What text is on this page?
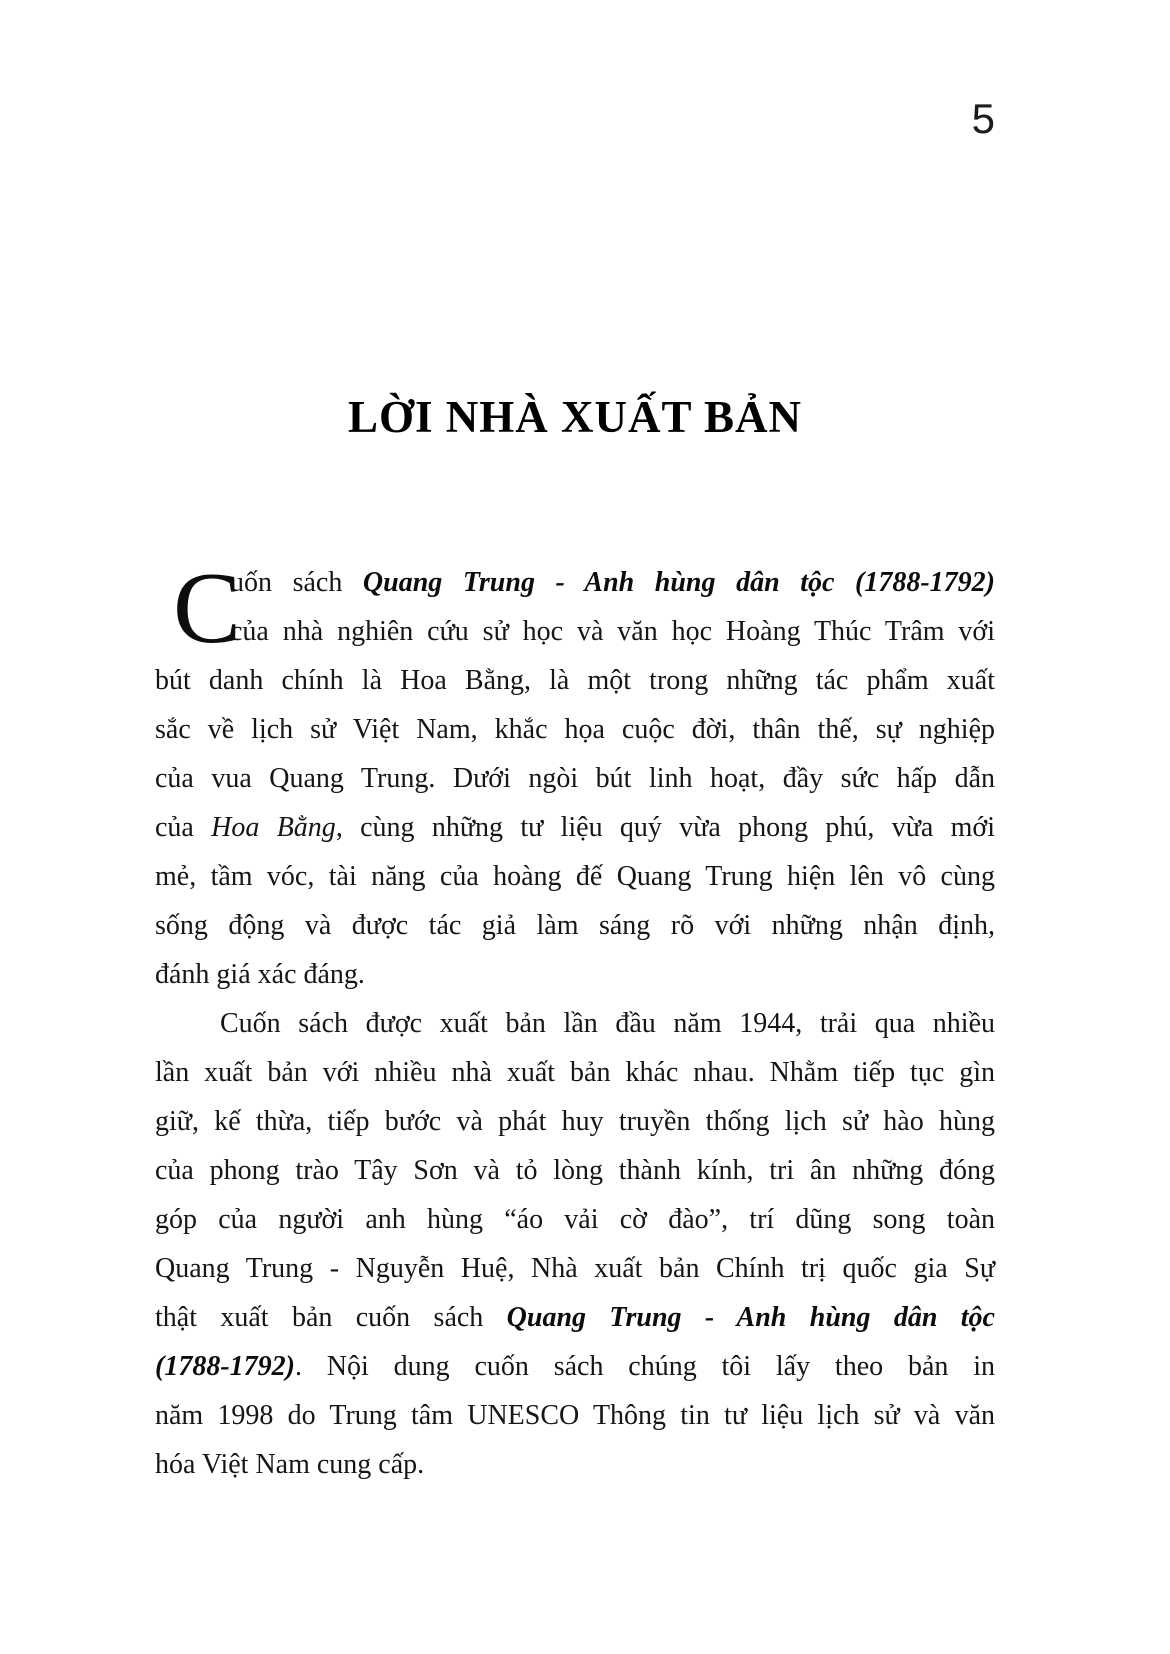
5
LỜI NHÀ XUẤT BẢN
C
uốn sách Quang Trung - Anh hùng dân tộc (1788-1792)
của nhà nghiên cứu sử học và văn học Hoàng Thúc Trâm với
bút danh chính là Hoa Bằng, là một trong những tác phẩm xuất
sắc về lịch sử Việt Nam, khắc họa cuộc đời, thân thế, sự nghiệp
của vua Quang Trung. Dưới ngòi bút linh hoạt, đầy sức hấp dẫn
của Hoa Bằng, cùng những tư liệu quý vừa phong phú, vừa mới
mẻ, tầm vóc, tài năng của hoàng đế Quang Trung hiện lên vô cùng
sống động và được tác giả làm sáng rõ với những nhận định,
đánh giá xác đáng.
Cuốn sách được xuất bản lần đầu năm 1944, trải qua nhiều
lần xuất bản với nhiều nhà xuất bản khác nhau. Nhằm tiếp tục gìn
giữ, kế thừa, tiếp bước và phát huy truyền thống lịch sử hào hùng
của phong trào Tây Sơn và tỏ lòng thành kính, tri ân những đóng
góp của người anh hùng “áo vải cờ đào”, trí dũng song toàn
Quang Trung - Nguyễn Huệ, Nhà xuất bản Chính trị quốc gia Sự
thật xuất bản cuốn sách Quang Trung - Anh hùng dân tộc
(1788-1792). Nội dung cuốn sách chúng tôi lấy theo bản in
năm 1998 do Trung tâm UNESCO Thông tin tư liệu lịch sử và văn
hóa Việt Nam cung cấp.
